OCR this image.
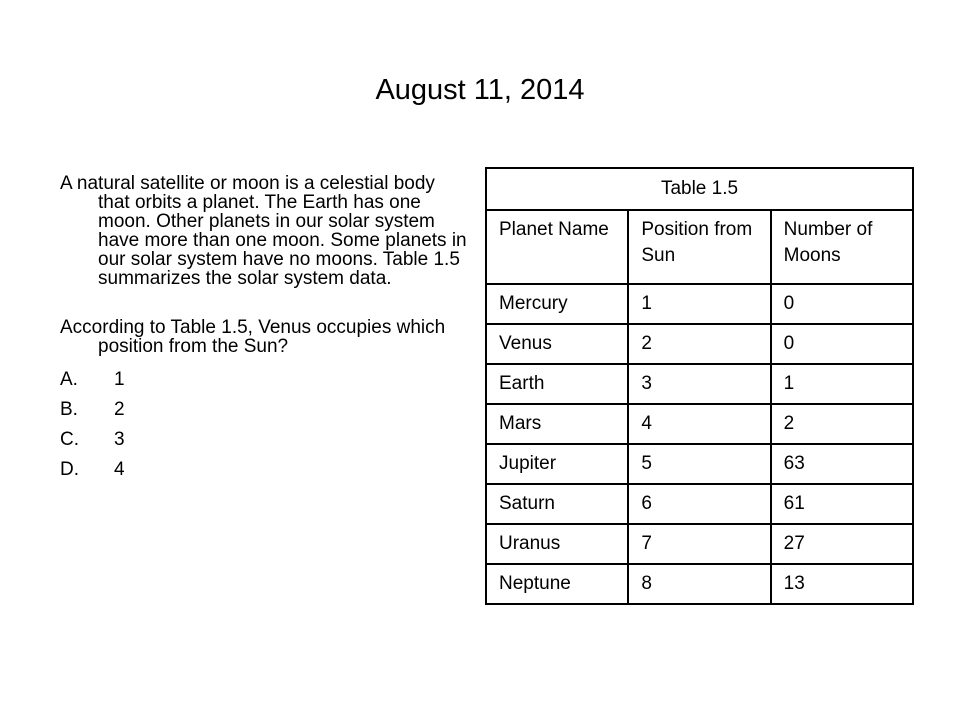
August 11, 2014

A natural satellite or moon is a celestial body that orbits a planet. The Earth has one moon. Other planets in our solar system have more than one moon. Some planets in our solar system have no moons. Table 1.5 summarizes the solar system data.

According to Table 1.5, Venus occupies which position from the Sun?

A.	1
B.	2
C.	3
D.	4
Table 1.5		
Planet Name	Position from Sun	Number of Moons
Mercury	1	0
Venus	2	0
Earth	3	1
Mars	4	2
Jupiter	5	63
Saturn	6	61
Uranus	7	27
Neptune	8	13
